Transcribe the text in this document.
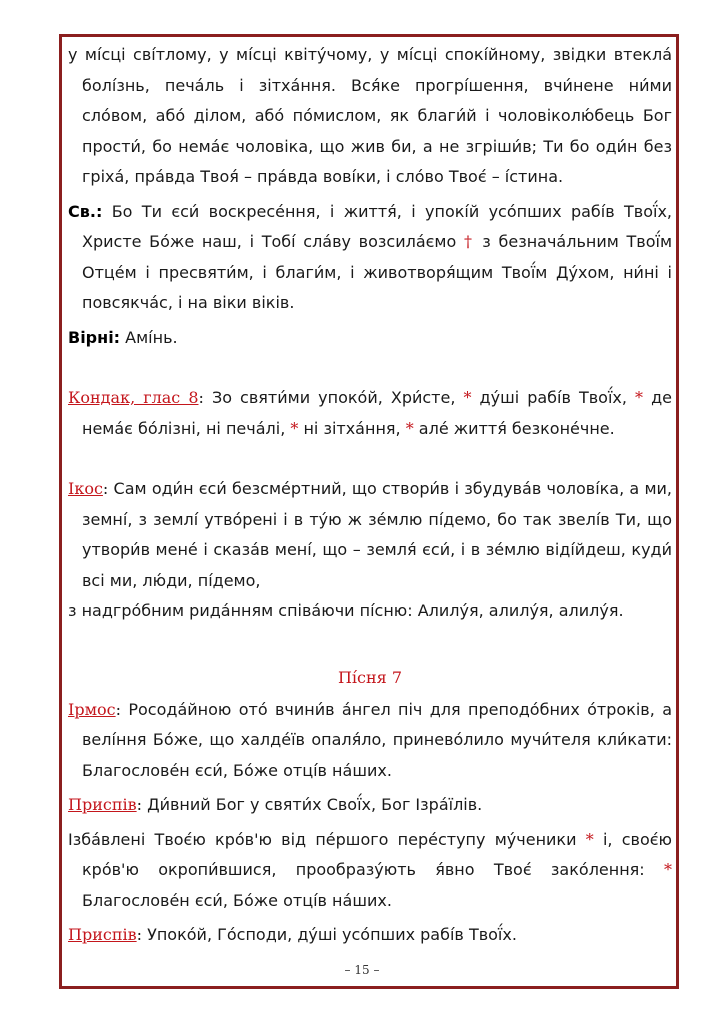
у мі́сці сві́тлому, у мі́сці квіту́чому, у мі́сці спокі́йному, звідки втекла́ болі́знь, печа́ль і зітха́ння. Вся́ке прогрі́шення, вчи́нене ни́ми сло́вом, або́ ділом, або́ по́мислом, як благи́й і чоловіколю́бець Бог прости́, бо нема́є чоловіка, що жив би, а не згріши́в; Ти бо оди́н без гріха́, пра́вда Твоя́ – пра́вда вові́ки, і сло́во Твоє́ – і́стина.

Св.: Бо Ти єси́ воскресе́ння, і життя́, і упокі́й усо́пших рабі́в Твої́х, Христе Бо́же наш, і Тобі́ сла́ву возсила́ємо † з безнача́льним Твої́м Отце́м і пресвяти́м, і благи́м, і животворя́щим Твої́м Ду́хом, ни́ні і повсякча́с, і на віки віків.

Вірні: Амі́нь.

Кондак, глас 8: Зо святи́ми упоко́й, Хри́сте, * ду́ші рабі́в Твої́х, * де нема́є бо́лізні, ні печа́лі, * ні зітха́ння, * але́ життя́ безконе́чне.

Ікос: Сам оди́н єси́ безсме́ртний, що створи́в і збудува́в чолові́ка, а ми, земні́, з землі́ утво́рені і в ту́ю ж зе́млю пі́демо, бо так звелі́в Ти, що утвори́в мене́ і сказа́в мені́, що – земля́ єси́, і в зе́млю віді́йдеш, куди́ всі ми, лю́ди, пі́демо,

з надгро́бним рида́нням співа́ючи пі́сню: Алилу́я, алилу́я, алилу́я.

Пі́сня 7

Ірмос: Росода́йною ото́ вчини́в а́нгел піч для преподо́бних о́троків, а велі́ння Бо́же, що халде́їв опаля́ло, принево́лило мучи́теля кли́кати: Благослове́н єси́, Бо́же отці́в на́ших.

Приспів: Ди́вний Бог у святи́х Свої́х, Бог Ізра́їлів.

Ізба́влені Твоє́ю кро́в'ю від пе́ршого пере́ступу му́ченики * і, своє́ю кро́в'ю окропи́вшися, прообразу́ють я́вно Твоє́ зако́лення: * Благослове́н єси́, Бо́же отці́в на́ших.

Приспів: Упоко́й, Го́споди, ду́ші усо́пших рабі́в Твої́х.

– 15 –
